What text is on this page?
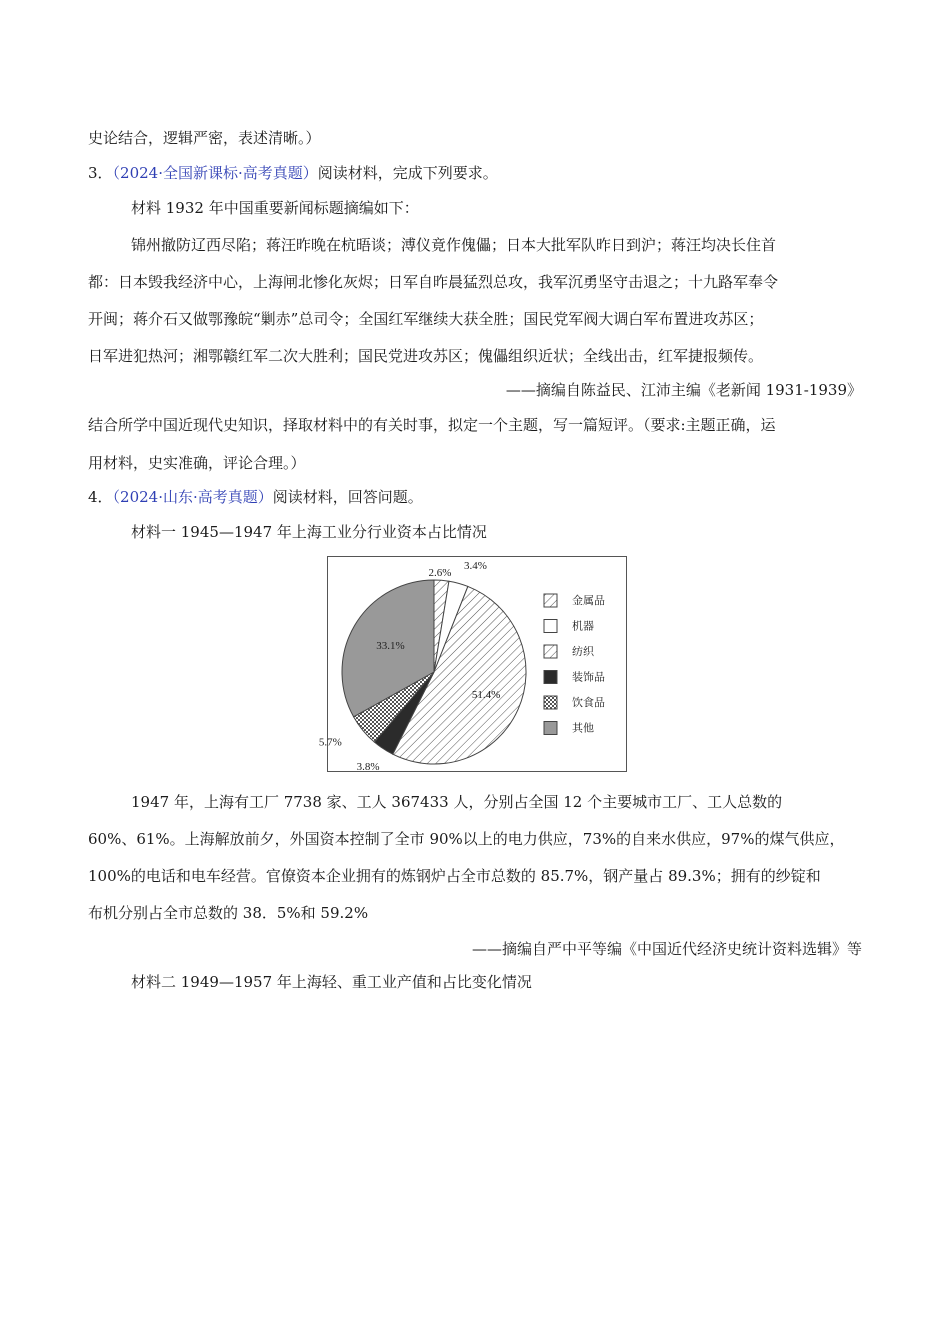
史论结合，逻辑严密，表述清晰。）
3．（2024·全国新课标·高考真题）阅读材料，完成下列要求。
材料 1932 年中国重要新闻标题摘编如下：
锦州撤防辽西尽陷；蒋汪昨晚在杭晤谈；溥仪竟作傀儡；日本大批军队昨日到沪；蒋汪均决长住首
都：日本毁我经济中心，上海闸北惨化灰烬；日军自昨晨猛烈总攻，我军沉勇坚守击退之；十九路军奉令
开闽；蒋介石又做鄂豫皖“剿赤”总司令；全国红军继续大获全胜；国民党军阀大调白军布置进攻苏区；
日军进犯热河；湘鄂赣红军二次大胜利；国民党进攻苏区；傀儡组织近状；全线出击，红军捷报频传。
——摘编自陈益民、江沛主编《老新闻 1931-1939》
结合所学中国近现代史知识，择取材料中的有关时事，拟定一个主题，写一篇短评。（要求:主题正确，运
用材料，史实准确，评论合理。）
4．（2024·山东·高考真题）阅读材料，回答问题。
材料一 1945—1947 年上海工业分行业资本占比情况
2.6%
3.4%
51.4%
3.8%
5.7%
33.1%
金属品
机器
纺织
装饰品
饮食品
其他
1947 年，上海有工厂 7738 家、工人 367433 人，分别占全国 12 个主要城市工厂、工人总数的
60%、61%。上海解放前夕，外国资本控制了全市 90%以上的电力供应，73%的自来水供应，97%的煤气供应，
100%的电话和电车经营。官僚资本企业拥有的炼钢炉占全市总数的 85.7%，钢产量占 89.3%；拥有的纱锭和
布机分别占全市总数的 38．5%和 59.2%
——摘编自严中平等编《中国近代经济史统计资料选辑》等
材料二 1949—1957 年上海轻、重工业产值和占比变化情况
